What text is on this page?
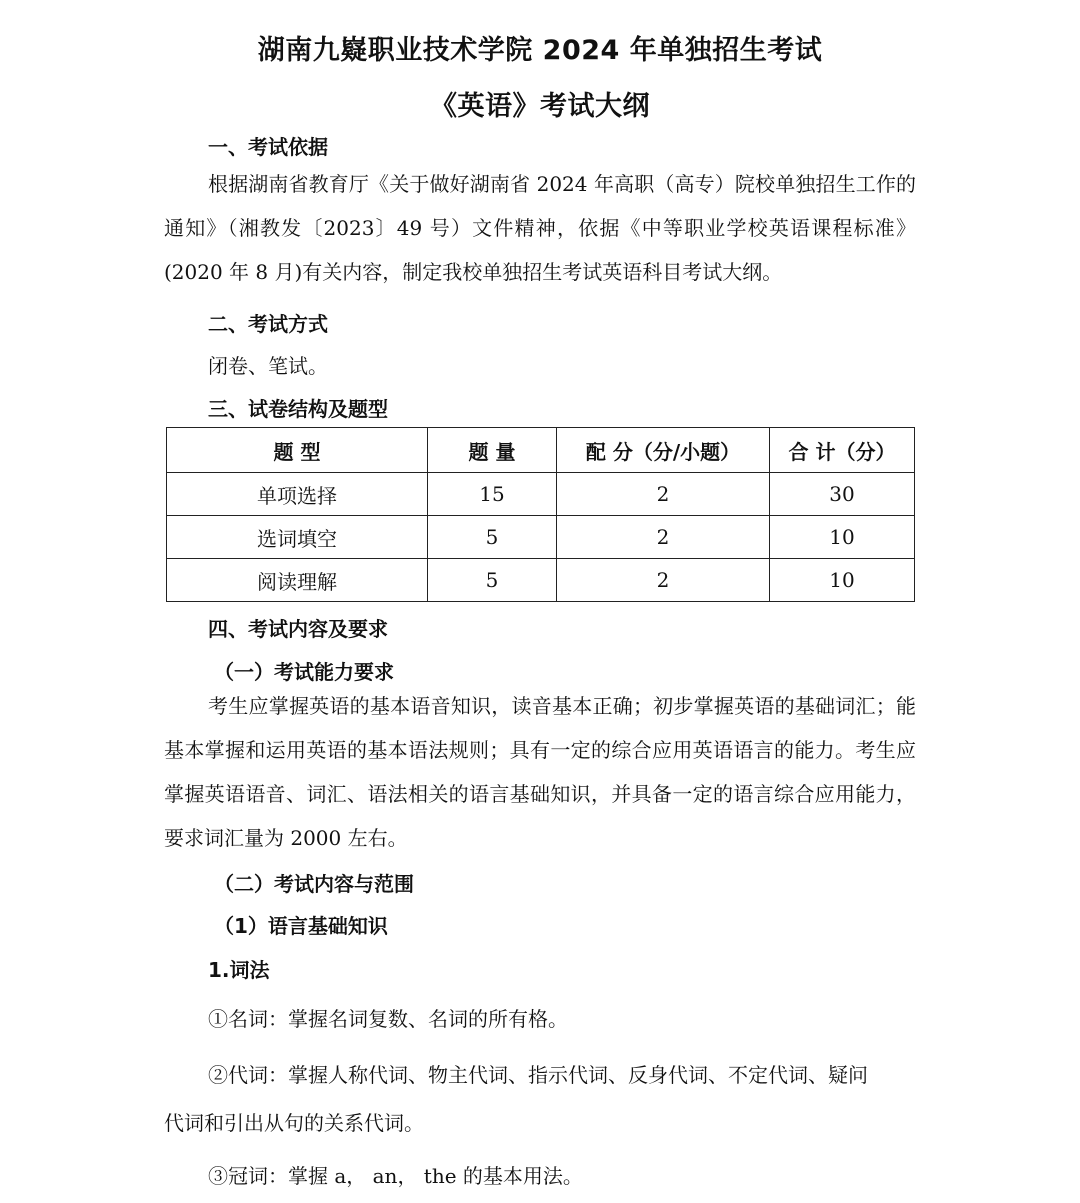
湖南九嶷职业技术学院 2024 年单独招生考试
《英语》考试大纲
一、考试依据
根据湖南省教育厅《关于做好湖南省 2024 年高职（高专）院校单独招生工作的通知》（湘教发〔2023〕49 号）文件精神，依据《中等职业学校英语课程标准》(2020 年 8 月)有关内容，制定我校单独招生考试英语科目考试大纲。
二、考试方式
闭卷、笔试。
三、试卷结构及题型
题 型	题 量	配 分（分/小题）	合 计（分）
单项选择	15	2	30
选词填空	5	2	10
阅读理解	5	2	10
四、考试内容及要求
（一）考试能力要求
考生应掌握英语的基本语音知识，读音基本正确；初步掌握英语的基础词汇；能基本掌握和运用英语的基本语法规则；具有一定的综合应用英语语言的能力。考生应掌握英语语音、词汇、语法相关的语言基础知识，并具备一定的语言综合应用能力，要求词汇量为 2000 左右。
（二）考试内容与范围
（1）语言基础知识
1.词法
①名词：掌握名词复数、名词的所有格。
②代词：掌握人称代词、物主代词、指示代词、反身代词、不定代词、疑问
代词和引出从句的关系代词。
③冠词：掌握 a， an， the 的基本用法。
